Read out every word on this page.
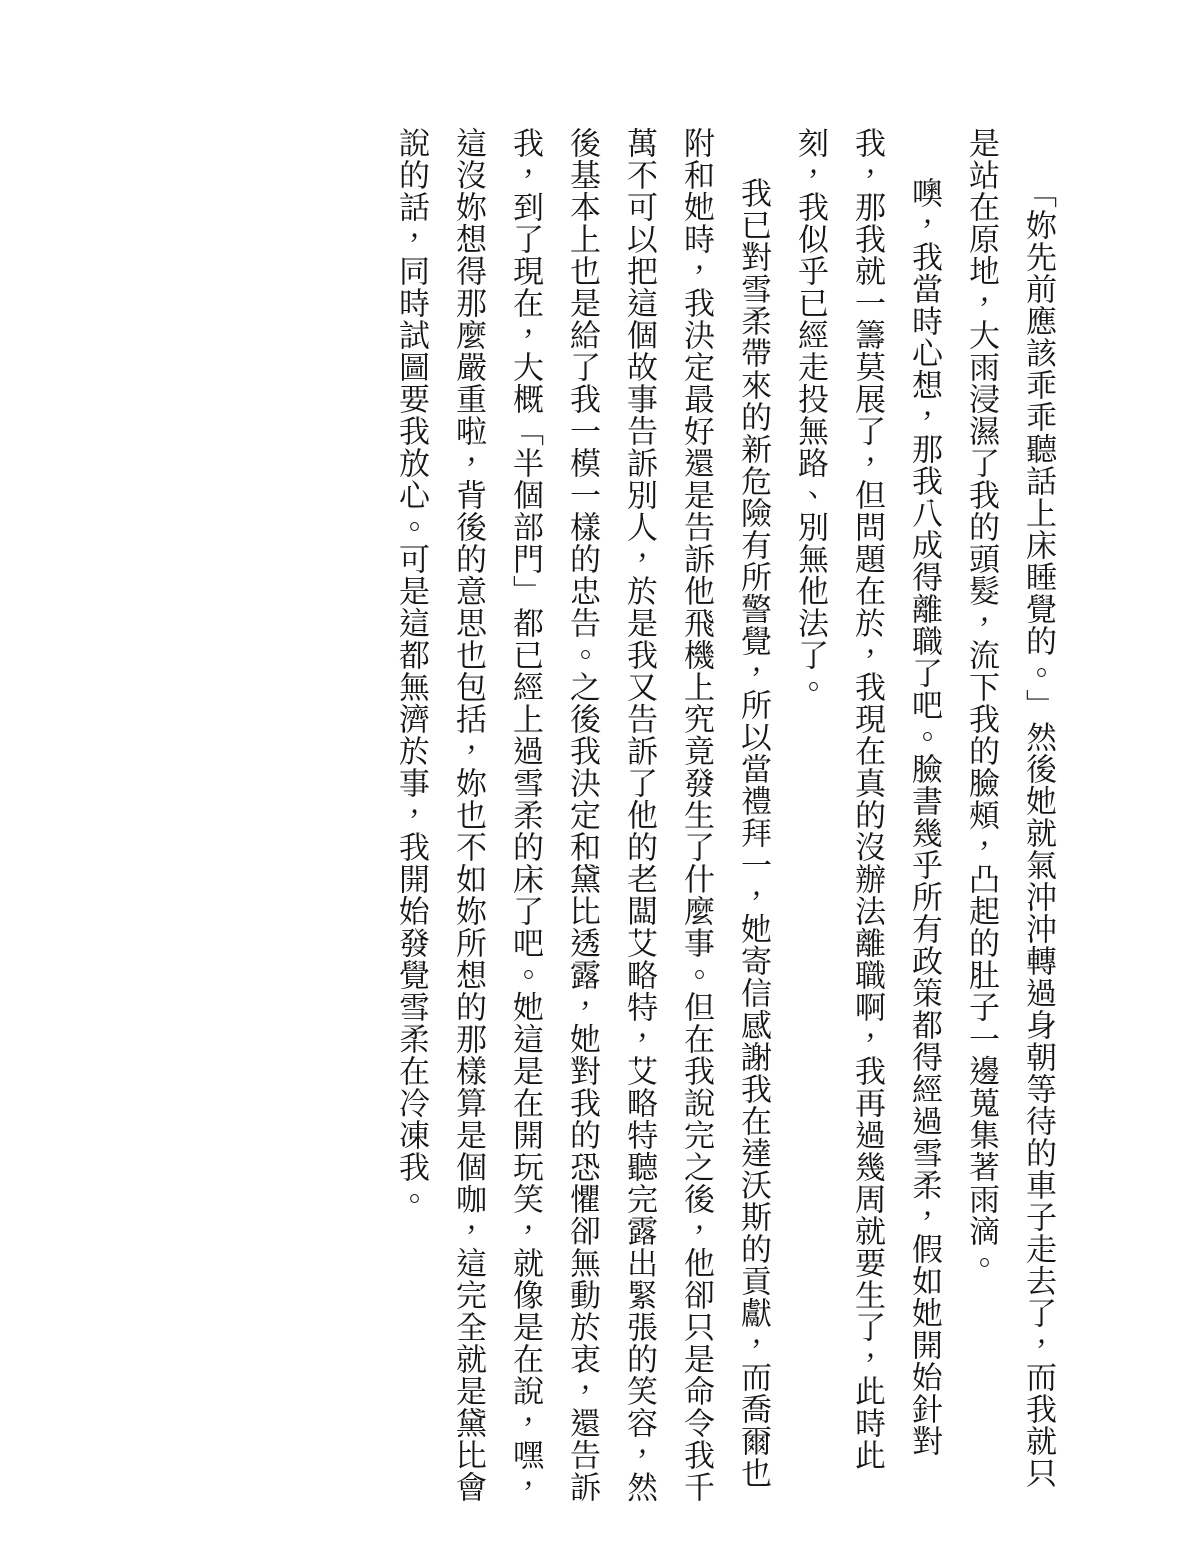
「妳先前應該乖乖聽話上床睡覺的。」然後她就氣沖沖轉過身朝等待的車子走去了，而我就只
是站在原地，大雨浸濕了我的頭髮，流下我的臉頰，凸起的肚子一邊蒐集著雨滴。
噢，我當時心想，那我八成得離職了吧。臉書幾乎所有政策都得經過雪柔，假如她開始針對
我，那我就一籌莫展了，但問題在於，我現在真的沒辦法離職啊，我再過幾周就要生了，此時此
刻，我似乎已經走投無路、別無他法了。
我已對雪柔帶來的新危險有所警覺，所以當禮拜一，她寄信感謝我在達沃斯的貢獻，而喬爾也
附和她時，我決定最好還是告訴他飛機上究竟發生了什麼事。但在我說完之後，他卻只是命令我千
萬不可以把這個故事告訴別人，於是我又告訴了他的老闆艾略特，艾略特聽完露出緊張的笑容，然
後基本上也是給了我一模一樣的忠告。之後我決定和黛比透露，她對我的恐懼卻無動於衷，還告訴
我，到了現在，大概「半個部門」都已經上過雪柔的床了吧。她這是在開玩笑，就像是在說，嘿，
這沒妳想得那麼嚴重啦，背後的意思也包括，妳也不如妳所想的那樣算是個咖，這完全就是黛比會
說的話，同時試圖要我放心。可是這都無濟於事，我開始發覺雪柔在冷凍我。
